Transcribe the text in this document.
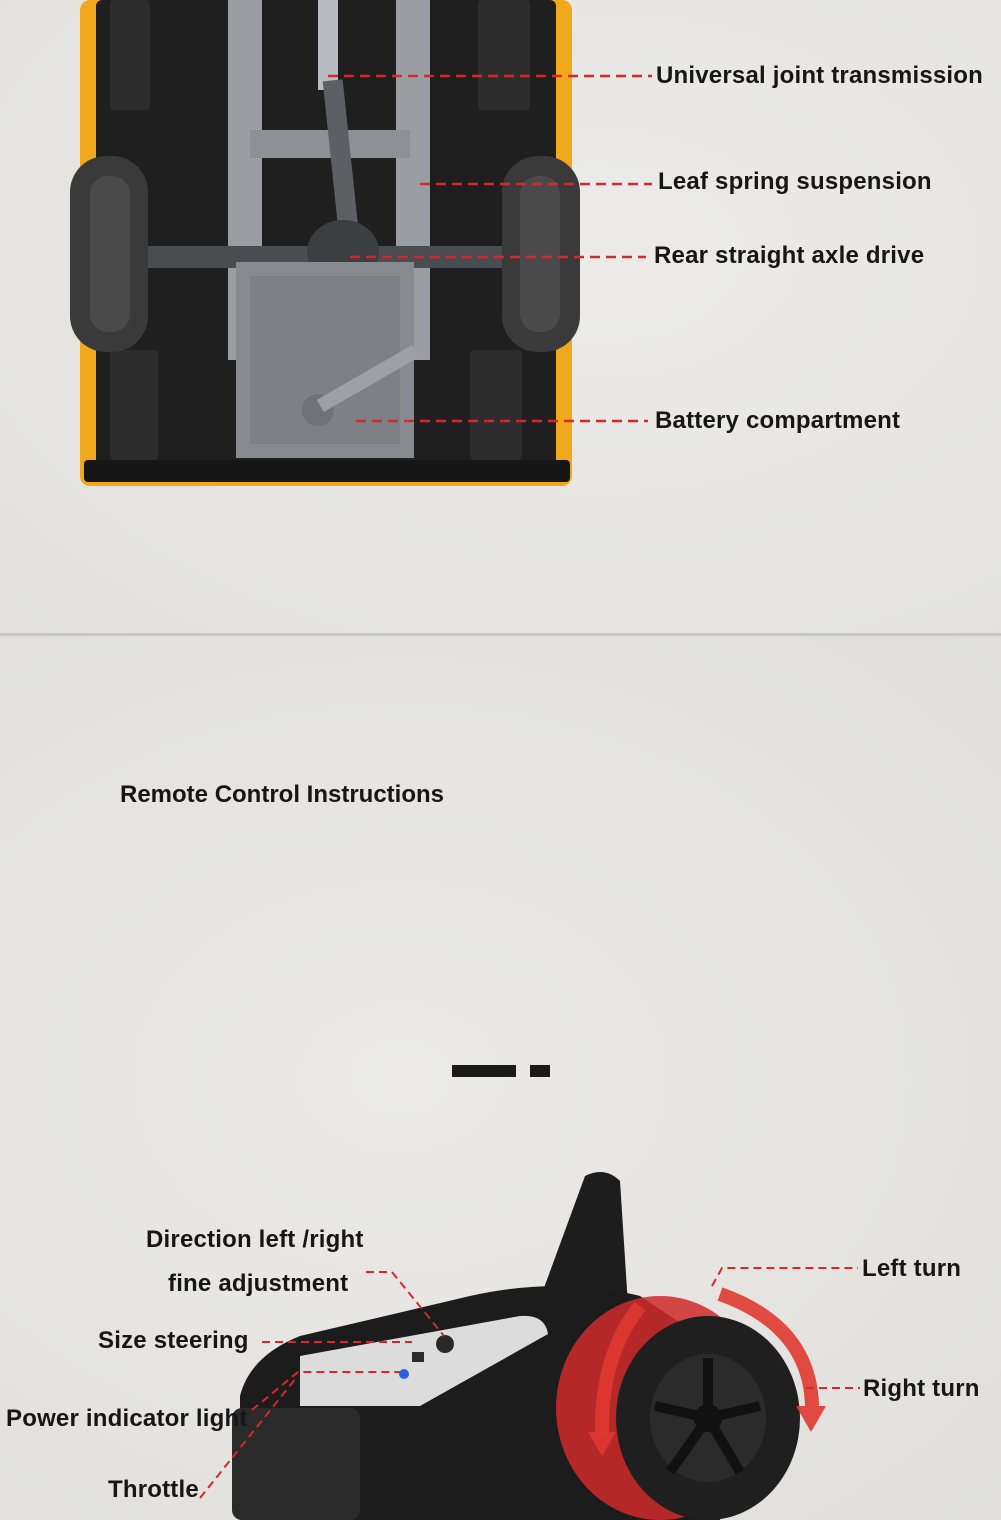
Universal joint transmission
Leaf spring suspension
Rear straight axle drive
Battery compartment
Remote Control Instructions
Direction left /right
fine adjustment
Size steering
Power indicator light
Throttle
Left turn
Right turn
